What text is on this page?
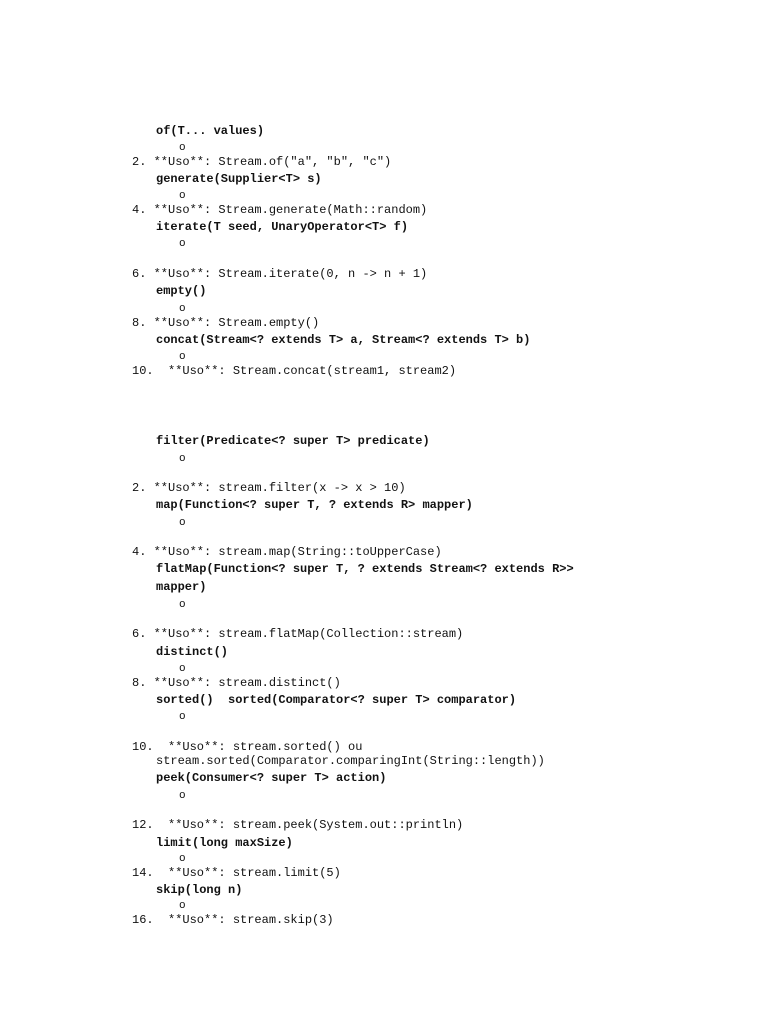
of(T... values)
o
2. **Uso**: Stream.of("a", "b", "c")
generate(Supplier<T> s)
o
4. **Uso**: Stream.generate(Math::random)
iterate(T seed, UnaryOperator<T> f)
o
6. **Uso**: Stream.iterate(0, n -> n + 1)
empty()
o
8. **Uso**: Stream.empty()
concat(Stream<? extends T> a, Stream<? extends T> b)
o
10.  **Uso**: Stream.concat(stream1, stream2)
filter(Predicate<? super T> predicate)
o
2. **Uso**: stream.filter(x -> x > 10)
map(Function<? super T, ? extends R> mapper)
o
4. **Uso**: stream.map(String::toUpperCase)
flatMap(Function<? super T, ? extends Stream<? extends R>>
mapper)
o
6. **Uso**: stream.flatMap(Collection::stream)
distinct()
o
8. **Uso**: stream.distinct()
sorted()  sorted(Comparator<? super T> comparator)
o
10.  **Uso**: stream.sorted() ou
stream.sorted(Comparator.comparingInt(String::length))
peek(Consumer<? super T> action)
o
12.  **Uso**: stream.peek(System.out::println)
limit(long maxSize)
o
14.  **Uso**: stream.limit(5)
skip(long n)
o
16.  **Uso**: stream.skip(3)
